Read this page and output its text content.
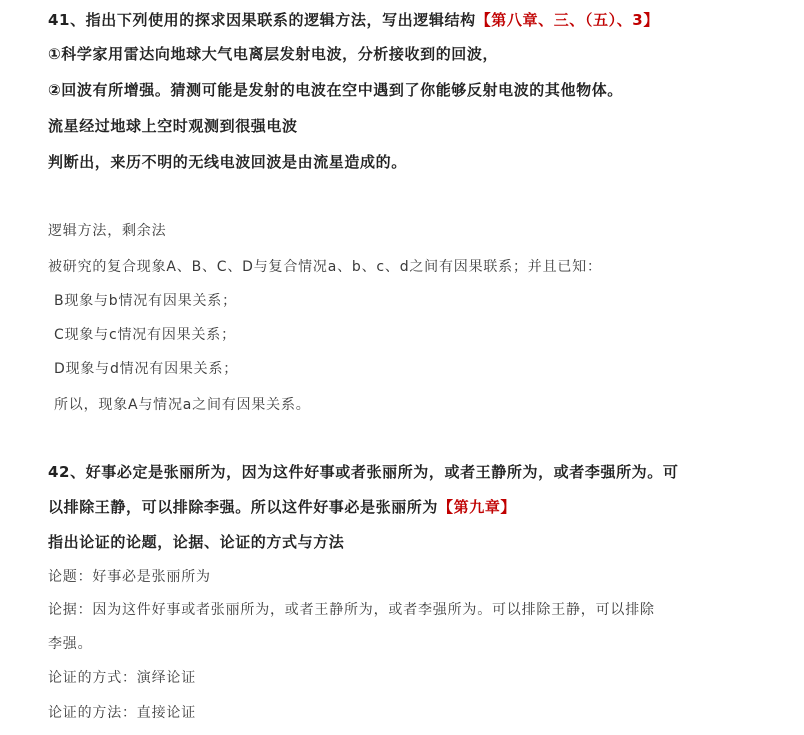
41、指出下列使用的探求因果联系的逻辑方法，写出逻辑结构【第八章、三、（五）、3】
①科学家用雷达向地球大气电离层发射电波，分析接收到的回波，
②回波有所增强。猜测可能是发射的电波在空中遇到了你能够反射电波的其他物体。
流星经过地球上空时观测到很强电波
判断出，来历不明的无线电波回波是由流星造成的。
逻辑方法，剩余法
被研究的复合现象A、B、C、D与复合情况a、b、c、d之间有因果联系；并且已知：
B现象与b情况有因果关系；
C现象与c情况有因果关系；
D现象与d情况有因果关系；
所以，现象A与情况a之间有因果关系。
42、好事必定是张丽所为，因为这件好事或者张丽所为，或者王静所为，或者李强所为。可
以排除王静，可以排除李强。所以这件好事必是张丽所为【第九章】
指出论证的论题，论据、论证的方式与方法
论题：好事必是张丽所为
论据：因为这件好事或者张丽所为，或者王静所为，或者李强所为。可以排除王静，可以排除
李强。
论证的方式：演绎论证
论证的方法：直接论证
